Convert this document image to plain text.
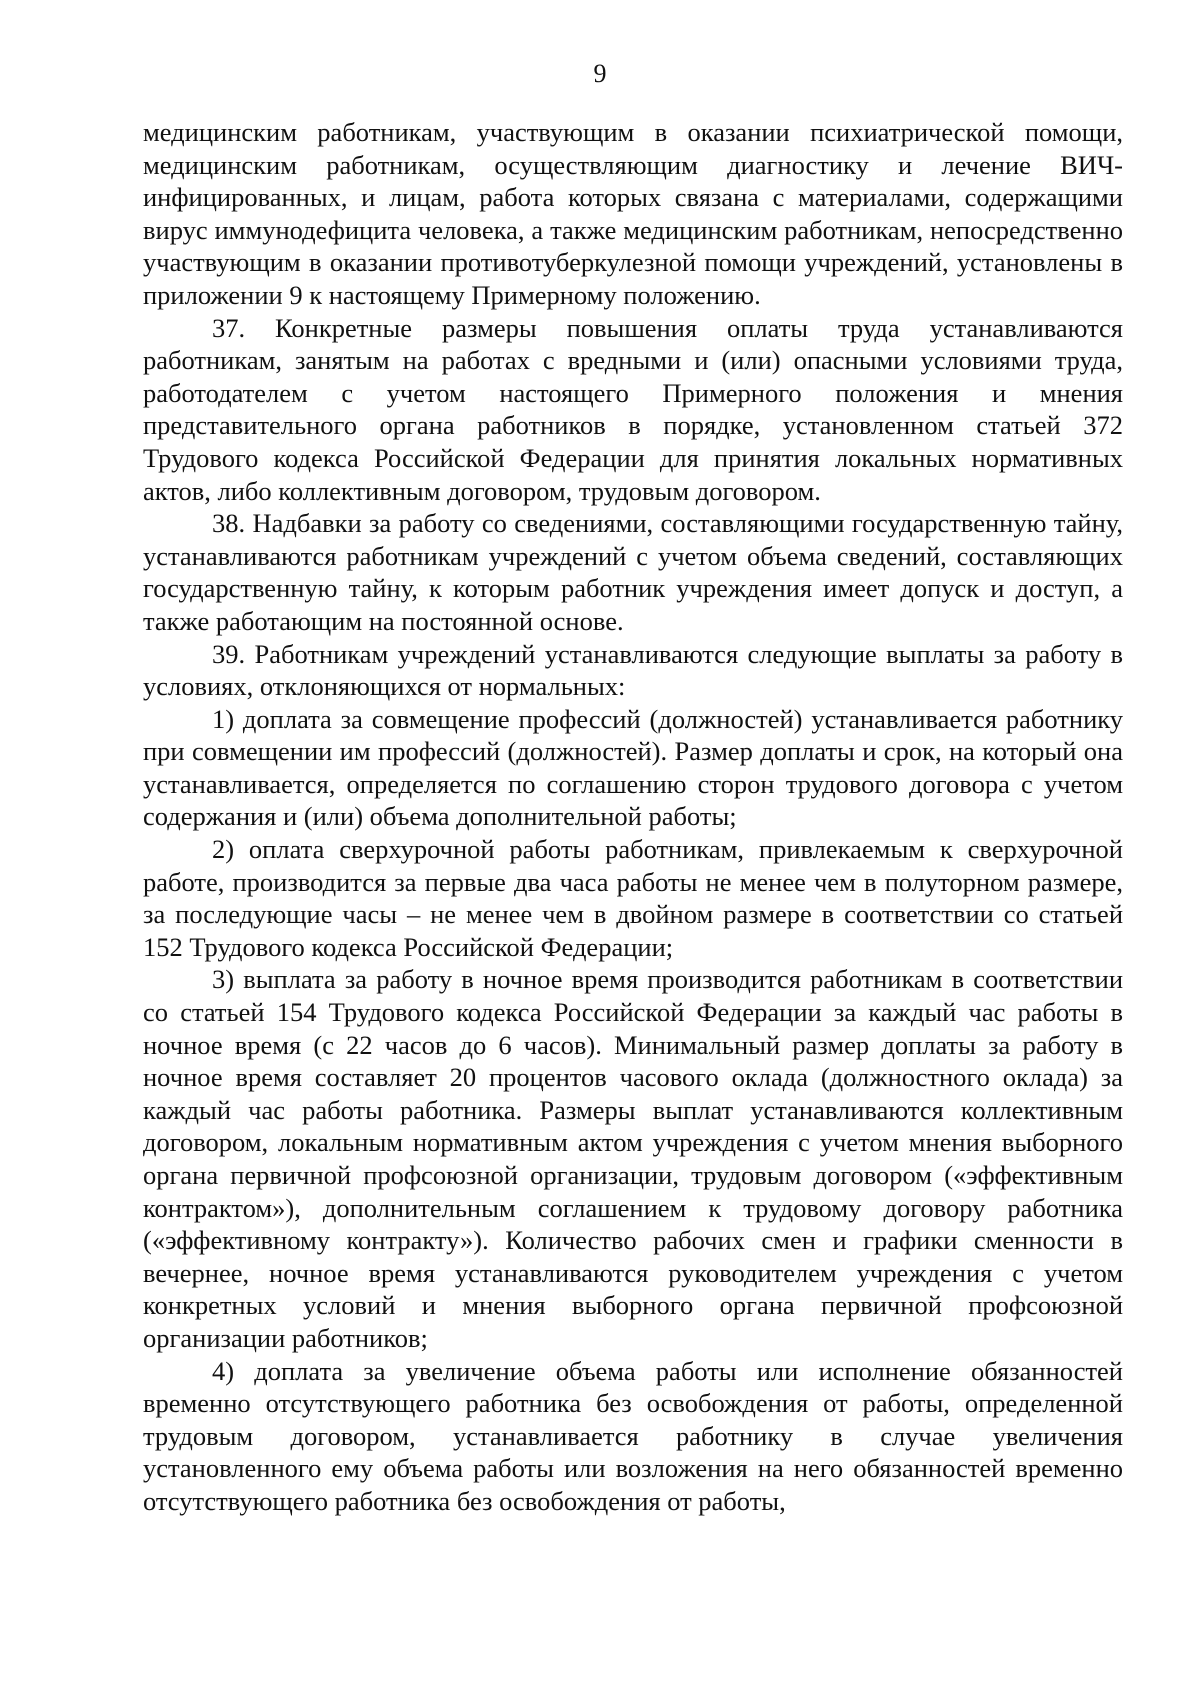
9

медицинским работникам, участвующим в оказании психиатрической помощи, медицинским работникам, осуществляющим диагностику и лечение ВИЧ-инфицированных, и лицам, работа которых связана с материалами, содержащими вирус иммунодефицита человека, а также медицинским работникам, непосредственно участвующим в оказании противотуберкулезной помощи учреждений, установлены в приложении 9 к настоящему Примерному положению.

37. Конкретные размеры повышения оплаты труда устанавливаются работникам, занятым на работах с вредными и (или) опасными условиями труда, работодателем с учетом настоящего Примерного положения и мнения представительного органа работников в порядке, установленном статьей 372 Трудового кодекса Российской Федерации для принятия локальных нормативных актов, либо коллективным договором, трудовым договором.

38. Надбавки за работу со сведениями, составляющими государственную тайну, устанавливаются работникам учреждений с учетом объема сведений, составляющих государственную тайну, к которым работник учреждения имеет допуск и доступ, а также работающим на постоянной основе.

39. Работникам учреждений устанавливаются следующие выплаты за работу в условиях, отклоняющихся от нормальных:

1) доплата за совмещение профессий (должностей) устанавливается работнику при совмещении им профессий (должностей). Размер доплаты и срок, на который она устанавливается, определяется по соглашению сторон трудового договора с учетом содержания и (или) объема дополнительной работы;

2) оплата сверхурочной работы работникам, привлекаемым к сверхурочной работе, производится за первые два часа работы не менее чем в полуторном размере, за последующие часы – не менее чем в двойном размере в соответствии со статьей 152 Трудового кодекса Российской Федерации;

3) выплата за работу в ночное время производится работникам в соответствии со статьей 154 Трудового кодекса Российской Федерации за каждый час работы в ночное время (с 22 часов до 6 часов). Минимальный размер доплаты за работу в ночное время составляет 20 процентов часового оклада (должностного оклада) за каждый час работы работника. Размеры выплат устанавливаются коллективным договором, локальным нормативным актом учреждения с учетом мнения выборного органа первичной профсоюзной организации, трудовым договором («эффективным контрактом»), дополнительным соглашением к трудовому договору работника («эффективному контракту»). Количество рабочих смен и графики сменности в вечернее, ночное время устанавливаются руководителем учреждения с учетом конкретных условий и мнения выборного органа первичной профсоюзной организации работников;

4) доплата за увеличение объема работы или исполнение обязанностей временно отсутствующего работника без освобождения от работы, определенной трудовым договором, устанавливается работнику в случае увеличения установленного ему объема работы или возложения на него обязанностей временно отсутствующего работника без освобождения от работы,
